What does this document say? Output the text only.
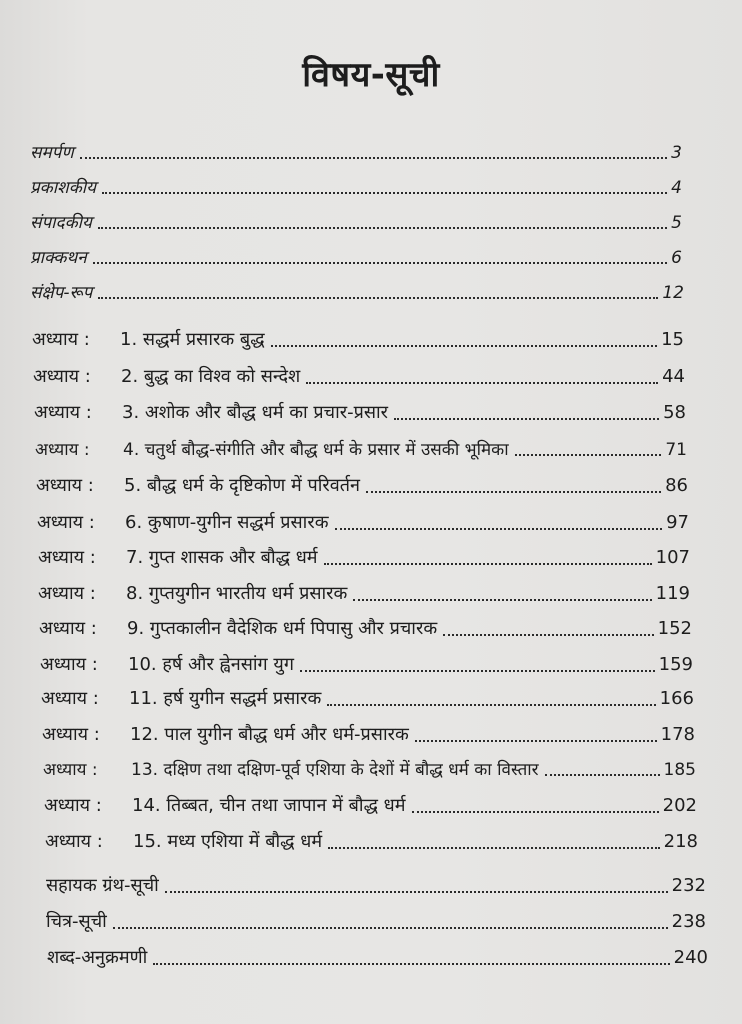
विषय-सूची
समर्पण	3
प्रकाशकीय	4
संपादकीय	5
प्राक्कथन	6
संक्षेप-रूप	12
अध्याय :	1. सद्धर्म प्रसारक बुद्ध	15
अध्याय :	2. बुद्ध का विश्व को सन्देश	44
अध्याय :	3. अशोक और बौद्ध धर्म का प्रचार-प्रसार	58
अध्याय :	4. चतुर्थ बौद्ध-संगीति और बौद्ध धर्म के प्रसार में उसकी भूमिका	71
अध्याय :	5. बौद्ध धर्म के दृष्टिकोण में परिवर्तन	86
अध्याय :	6. कुषाण-युगीन सद्धर्म प्रसारक	97
अध्याय :	7. गुप्त शासक और बौद्ध धर्म	107
अध्याय :	8. गुप्तयुगीन भारतीय धर्म प्रसारक	119
अध्याय :	9. गुप्तकालीन वैदेशिक धर्म पिपासु और प्रचारक	152
अध्याय :	10. हर्ष और ह्वेनसांग युग	159
अध्याय :	11. हर्ष युगीन सद्धर्म प्रसारक	166
अध्याय :	12. पाल युगीन बौद्ध धर्म और धर्म-प्रसारक	178
अध्याय :	13. दक्षिण तथा दक्षिण-पूर्व एशिया के देशों में बौद्ध धर्म का विस्तार	185
अध्याय :	14. तिब्बत, चीन तथा जापान में बौद्ध धर्म	202
अध्याय :	15. मध्य एशिया में बौद्ध धर्म	218
सहायक ग्रंथ-सूची	232
चित्र-सूची	238
शब्द-अनुक्रमणी	240
